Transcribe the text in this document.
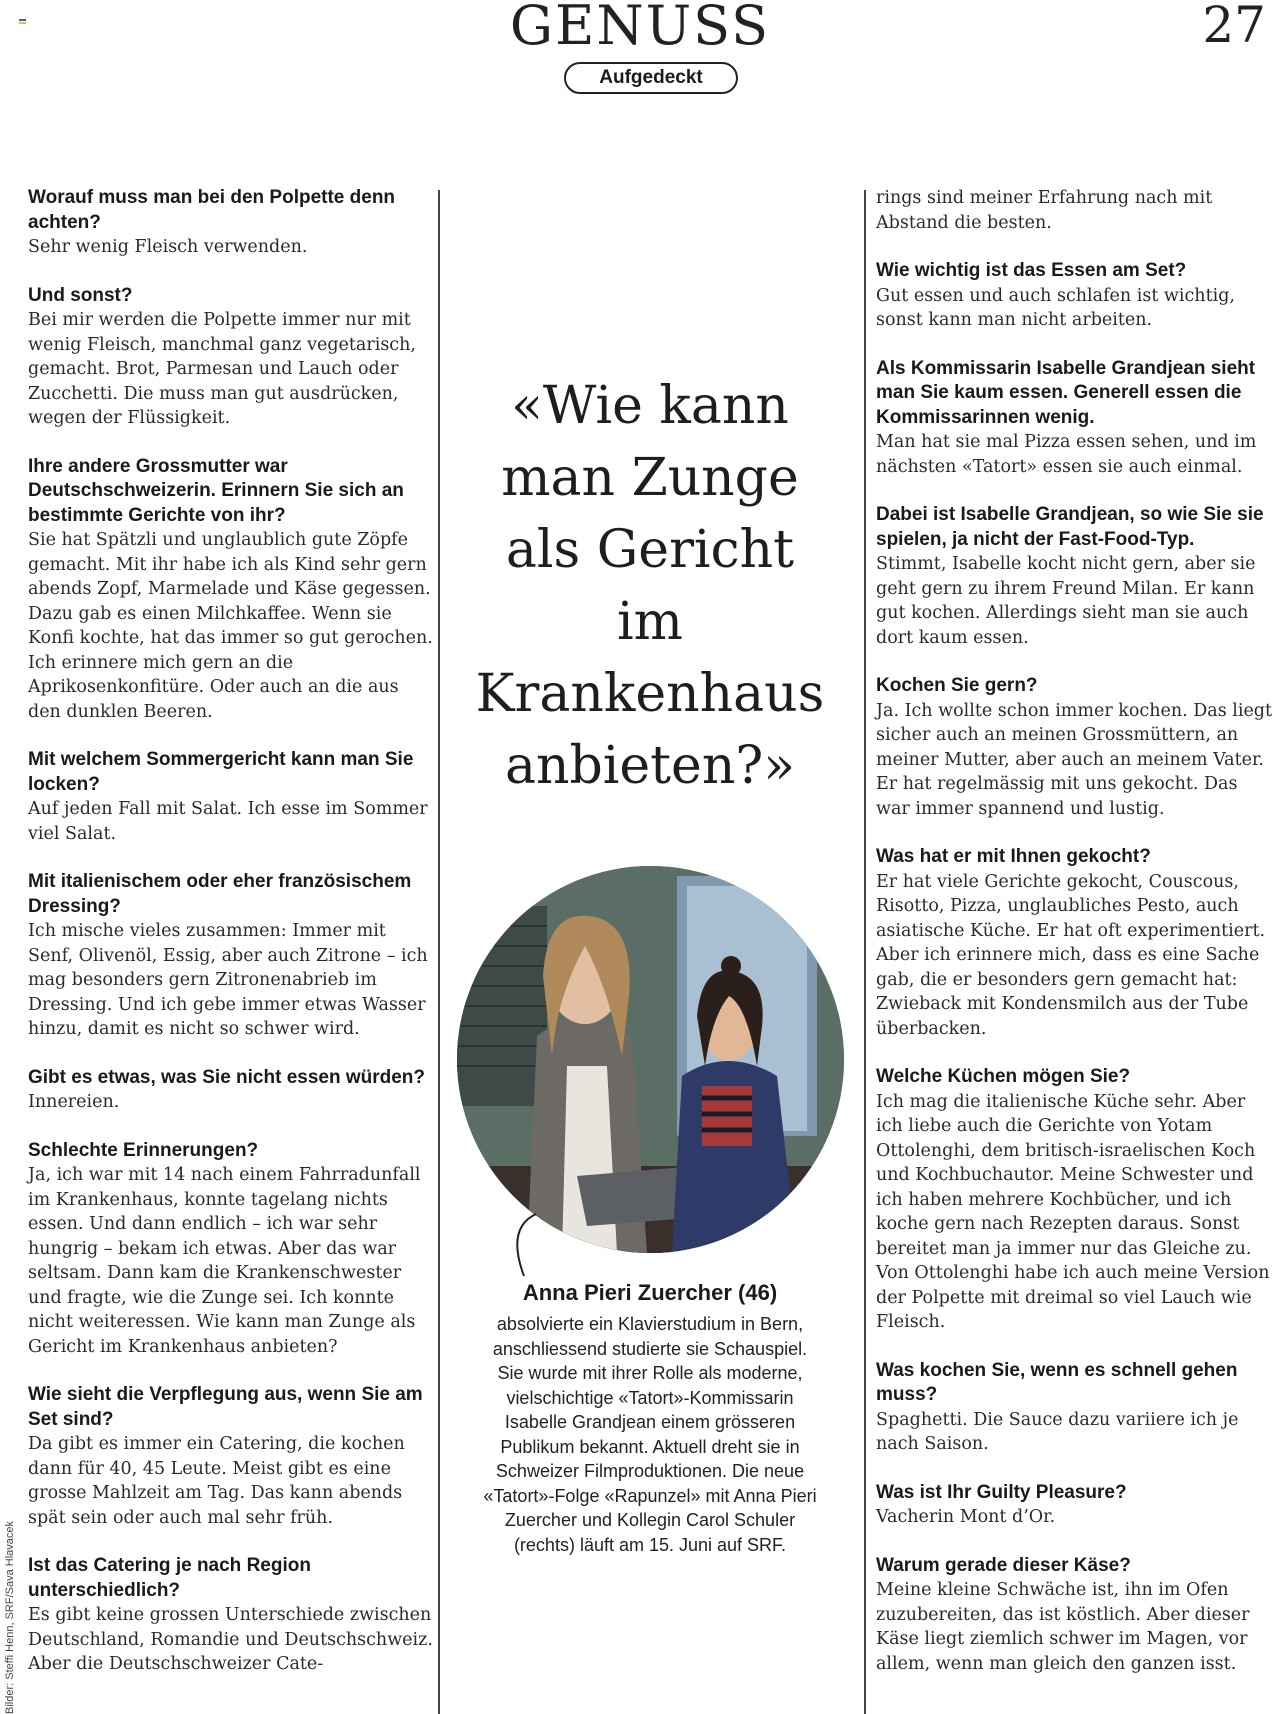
GENUSS	27
Aufgedeckt
Worauf muss man bei den Polpette denn achten?
Sehr wenig Fleisch verwenden.
Und sonst?
Bei mir werden die Polpette immer nur mit wenig Fleisch, manchmal ganz vegetarisch, gemacht. Brot, Parmesan und Lauch oder Zucchetti. Die muss man gut ausdrücken, wegen der Flüssigkeit.
Ihre andere Grossmutter war Deutschschweizerin. Erinnern Sie sich an bestimmte Gerichte von ihr?
Sie hat Spätzli und unglaublich gute Zöpfe gemacht. Mit ihr habe ich als Kind sehr gern abends Zopf, Marmelade und Käse gegessen. Dazu gab es einen Milchkaffee. Wenn sie Konfi kochte, hat das immer so gut gerochen. Ich erinnere mich gern an die Aprikosenkonfitüre. Oder auch an die aus den dunklen Beeren.
Mit welchem Sommergericht kann man Sie locken?
Auf jeden Fall mit Salat. Ich esse im Sommer viel Salat.
Mit italienischem oder eher französischem Dressing?
Ich mische vieles zusammen: Immer mit Senf, Olivenöl, Essig, aber auch Zitrone – ich mag besonders gern Zitronenabrieb im Dressing. Und ich gebe immer etwas Wasser hinzu, damit es nicht so schwer wird.
Gibt es etwas, was Sie nicht essen würden?
Innereien.
Schlechte Erinnerungen?
Ja, ich war mit 14 nach einem Fahrradunfall im Krankenhaus, konnte tagelang nichts essen. Und dann endlich – ich war sehr hungrig – bekam ich etwas. Aber das war seltsam. Dann kam die Krankenschwester und fragte, wie die Zunge sei. Ich konnte nicht weiteressen. Wie kann man Zunge als Gericht im Krankenhaus anbieten?
Wie sieht die Verpflegung aus, wenn Sie am Set sind?
Da gibt es immer ein Catering, die kochen dann für 40, 45 Leute. Meist gibt es eine grosse Mahlzeit am Tag. Das kann abends spät sein oder auch mal sehr früh.
Ist das Catering je nach Region unterschiedlich?
Es gibt keine grossen Unterschiede zwischen Deutschland, Romandie und Deutschschweiz. Aber die Deutschschweizer Cate-
«Wie kann man Zunge als Gericht im Krankenhaus anbieten?»
Anna Pieri Zuercher (46)
absolvierte ein Klavierstudium in Bern, anschliessend studierte sie Schauspiel. Sie wurde mit ihrer Rolle als moderne, vielschichtige «Tatort»-Kommissarin Isabelle Grandjean einem grösseren Publikum bekannt. Aktuell dreht sie in Schweizer Filmproduktionen. Die neue «Tatort»-Folge «Rapunzel» mit Anna Pieri Zuercher und Kollegin Carol Schuler (rechts) läuft am 15. Juni auf SRF.
rings sind meiner Erfahrung nach mit Abstand die besten.
Wie wichtig ist das Essen am Set?
Gut essen und auch schlafen ist wichtig, sonst kann man nicht arbeiten.
Als Kommissarin Isabelle Grandjean sieht man Sie kaum essen. Generell essen die Kommissarinnen wenig.
Man hat sie mal Pizza essen sehen, und im nächsten «Tatort» essen sie auch einmal.
Dabei ist Isabelle Grandjean, so wie Sie sie spielen, ja nicht der Fast-Food-Typ.
Stimmt, Isabelle kocht nicht gern, aber sie geht gern zu ihrem Freund Milan. Er kann gut kochen. Allerdings sieht man sie auch dort kaum essen.
Kochen Sie gern?
Ja. Ich wollte schon immer kochen. Das liegt sicher auch an meinen Grossmüttern, an meiner Mutter, aber auch an meinem Vater. Er hat regelmässig mit uns gekocht. Das war immer spannend und lustig.
Was hat er mit Ihnen gekocht?
Er hat viele Gerichte gekocht, Couscous, Risotto, Pizza, unglaubliches Pesto, auch asiatische Küche. Er hat oft experimentiert. Aber ich erinnere mich, dass es eine Sache gab, die er besonders gern gemacht hat: Zwieback mit Kondensmilch aus der Tube überbacken.
Welche Küchen mögen Sie?
Ich mag die italienische Küche sehr. Aber ich liebe auch die Gerichte von Yotam Ottolenghi, dem britisch-israelischen Koch und Kochbuchautor. Meine Schwester und ich haben mehrere Kochbücher, und ich koche gern nach Rezepten daraus. Sonst bereitet man ja immer nur das Gleiche zu. Von Ottolenghi habe ich auch meine Version der Polpette mit dreimal so viel Lauch wie Fleisch.
Was kochen Sie, wenn es schnell gehen muss?
Spaghetti. Die Sauce dazu variiere ich je nach Saison.
Was ist Ihr Guilty Pleasure?
Vacherin Mont d’Or.
Warum gerade dieser Käse?
Meine kleine Schwäche ist, ihn im Ofen zuzubereiten, das ist köstlich. Aber dieser Käse liegt ziemlich schwer im Magen, vor allem, wenn man gleich den ganzen isst.
Bilder: Steffi Henn, SRF/Sava Hlavacek
